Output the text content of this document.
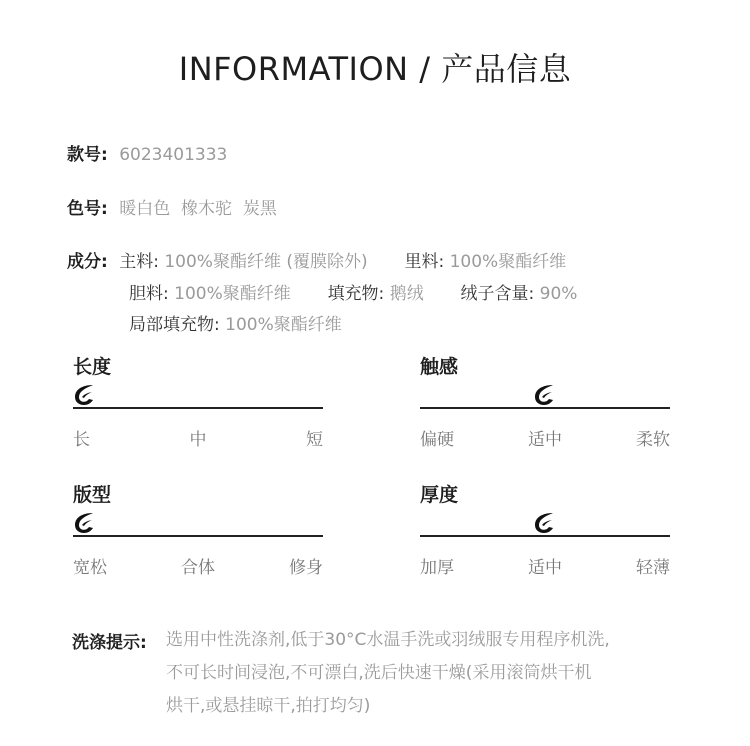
INFORMATION / 产品信息
款号: 6023401333
色号: 暖白色  橡木驼  炭黑
成分: 主料: 100%聚酯纤维 (覆膜除外) 里料: 100%聚酯纤维
胆料: 100%聚酯纤维 填充物: 鹅绒 绒子含量: 90%
局部填充物: 100%聚酯纤维
长度
长	中	短
触感
偏硬	适中	柔软
版型
宽松	合体	修身
厚度
加厚	适中	轻薄
洗涤提示: 选用中性洗涤剂,低于30°C水温手洗或羽绒服专用程序机洗,
不可长时间浸泡,不可漂白,洗后快速干燥(采用滚筒烘干机
烘干,或悬挂晾干,拍打均匀)
